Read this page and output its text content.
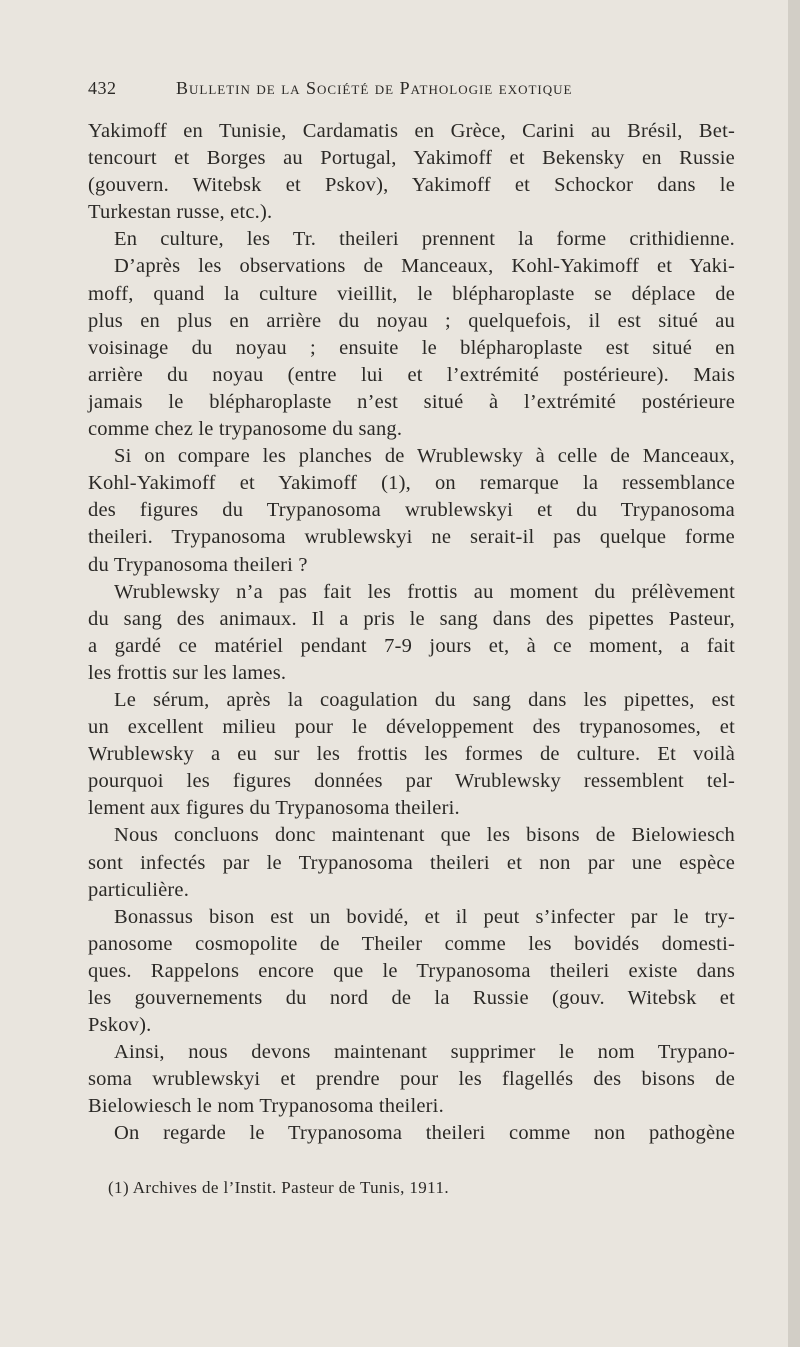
432	Bulletin de la Société de Pathologie exotique
Yakimoff en Tunisie, Cardamatis en Grèce, Carini au Brésil, Bet-
tencourt et Borges au Portugal, Yakimoff et Bekensky en Russie
(gouvern. Witebsk et Pskov), Yakimoff et Schockor dans le
Turkestan russe, etc.).
En culture, les Tr. theileri prennent la forme crithidienne.
D’après les observations de Manceaux, Kohl-Yakimoff et Yaki-
moff, quand la culture vieillit, le blépharoplaste se déplace de
plus en plus en arrière du noyau ; quelquefois, il est situé au
voisinage du noyau ; ensuite le blépharoplaste est situé en
arrière du noyau (entre lui et l’extrémité postérieure). Mais
jamais le blépharoplaste n’est situé à l’extrémité postérieure
comme chez le trypanosome du sang.
Si on compare les planches de Wrublewsky à celle de Manceaux,
Kohl-Yakimoff et Yakimoff (1), on remarque la ressemblance
des figures du Trypanosoma wrublewskyi et du Trypanosoma
theileri. Trypanosoma wrublewskyi ne serait-il pas quelque forme
du Trypanosoma theileri ?
Wrublewsky n’a pas fait les frottis au moment du prélèvement
du sang des animaux. Il a pris le sang dans des pipettes Pasteur,
a gardé ce matériel pendant 7-9 jours et, à ce moment, a fait
les frottis sur les lames.
Le sérum, après la coagulation du sang dans les pipettes, est
un excellent milieu pour le développement des trypanosomes, et
Wrublewsky a eu sur les frottis les formes de culture. Et voilà
pourquoi les figures données par Wrublewsky ressemblent tel-
lement aux figures du Trypanosoma theileri.
Nous concluons donc maintenant que les bisons de Bielowiesch
sont infectés par le Trypanosoma theileri et non par une espèce
particulière.
Bonassus bison est un bovidé, et il peut s’infecter par le try-
panosome cosmopolite de Theiler comme les bovidés domesti-
ques. Rappelons encore que le Trypanosoma theileri existe dans
les gouvernements du nord de la Russie (gouv. Witebsk et
Pskov).
Ainsi, nous devons maintenant supprimer le nom Trypano-
soma wrublewskyi et prendre pour les flagellés des bisons de
Bielowiesch le nom Trypanosoma theileri.
On regarde le Trypanosoma theileri comme non pathogène
(1) Archives de l’Instit. Pasteur de Tunis, 1911.
